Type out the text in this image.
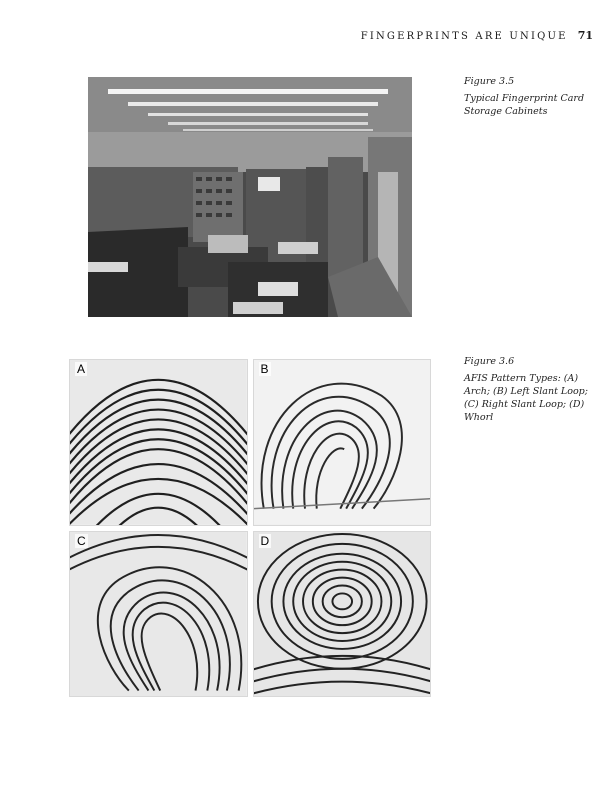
FINGERPRINTS ARE UNIQUE 71
Figure 3.5
Typical Fingerprint Card Storage Cabinets
A	B
C	D
Figure 3.6
AFIS Pattern Types: (A) Arch; (B) Left Slant Loop; (C) Right Slant Loop; (D) Whorl
